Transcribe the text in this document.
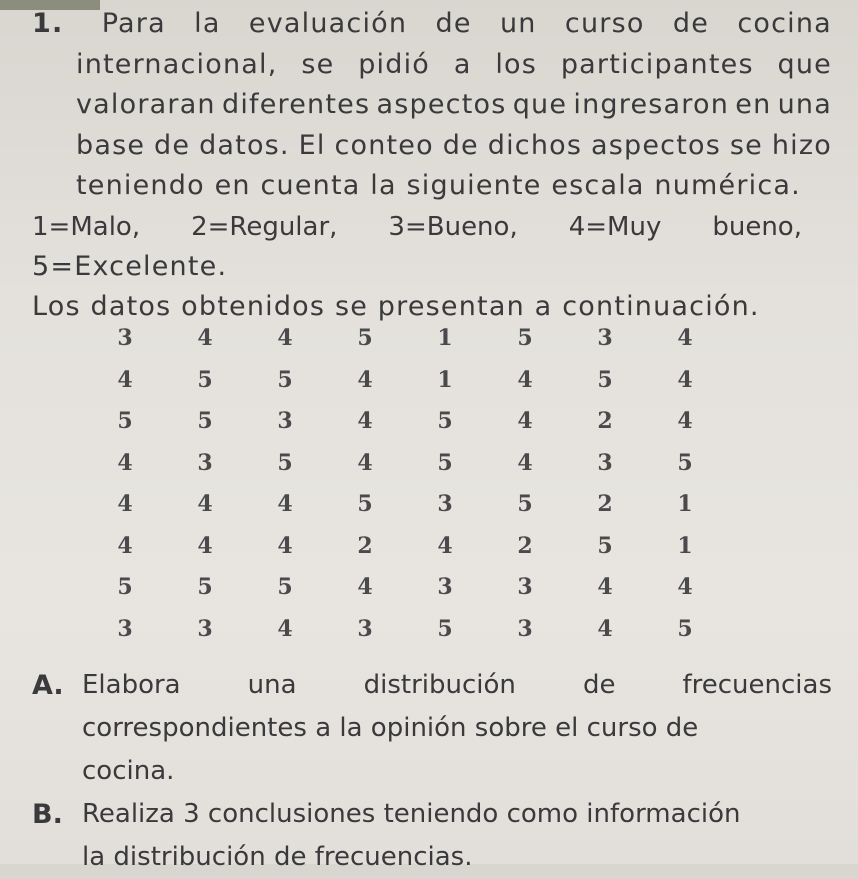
1. Para la evaluación de un curso de cocina
internacional, se pidió a los participantes que
valoraran diferentes aspectos que ingresaron en una
base de datos. El conteo de dichos aspectos se hizo
teniendo en cuenta la siguiente escala numérica.
1=Malo, 2=Regular, 3=Bueno, 4=Muy bueno,
5=Excelente.
Los datos obtenidos se presentan a continuación.
3	4	4	5	1	5	3	4
4	5	5	4	1	4	5	4
5	5	3	4	5	4	2	4
4	3	5	4	5	4	3	5
4	4	4	5	3	5	2	1
4	4	4	2	4	2	5	1
5	5	5	4	3	3	4	4
3	3	4	3	5	3	4	5
A. Elabora	una	distribución	de	frecuencias
correspondientes a la opinión sobre el curso de
cocina.
B. Realiza 3 conclusiones teniendo como información
la distribución de frecuencias.
